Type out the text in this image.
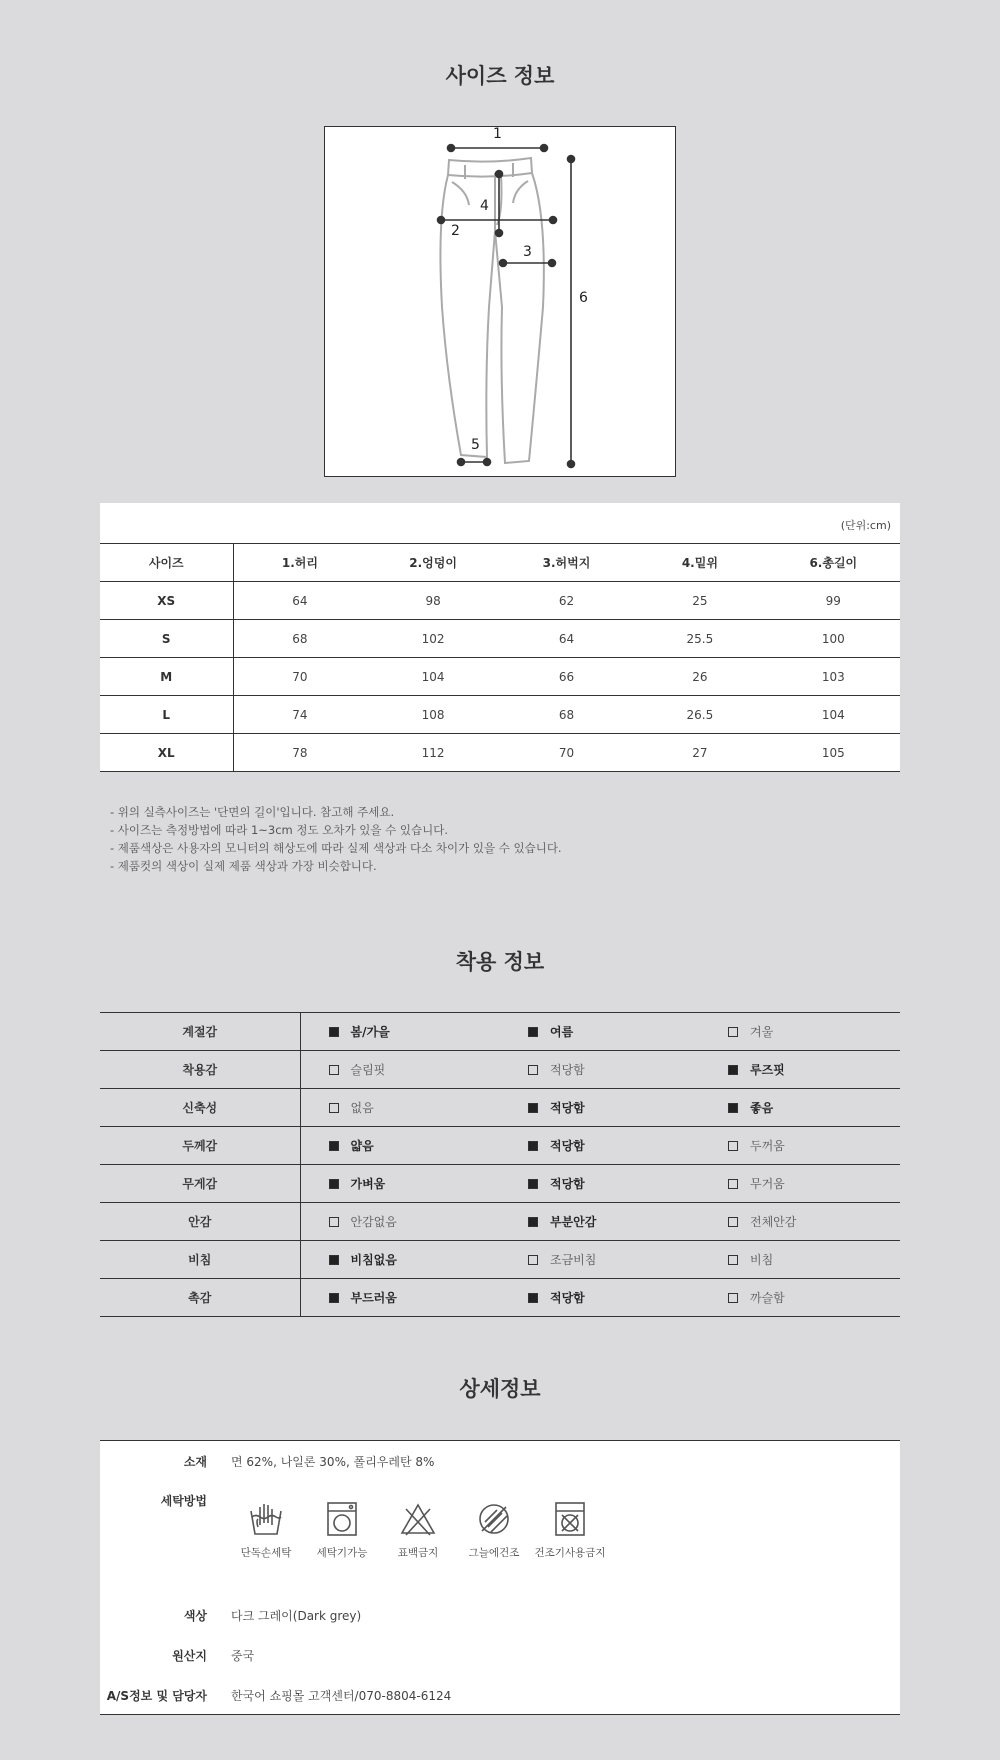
사이즈 정보
1
2
4
3
5
6
(단위:cm)
사이즈	1.허리	2.엉덩이	3.허벅지	4.밑위	6.총길이
XS	64	98	62	25	99
S	68	102	64	25.5	100
M	70	104	66	26	103
L	74	108	68	26.5	104
XL	78	112	70	27	105
- 위의 실측사이즈는 '단면의 길이'입니다. 참고해 주세요.
- 사이즈는 측정방법에 따라 1~3cm 정도 오차가 있을 수 있습니다.
- 제품색상은 사용자의 모니터의 해상도에 따라 실제 색상과 다소 차이가 있을 수 있습니다.
- 제품컷의 색상이 실제 제품 색상과 가장 비슷합니다.
착용 정보
계절감	봄/가을	여름	겨울

착용감	슬림핏	적당함	루즈핏

신축성	없음	적당함	좋음

두께감	얇음	적당함	두꺼움

무게감	가벼움	적당함	무거움

안감	안감없음	부분안감	전체안감

비침	비침없음	조금비침	비침

촉감	부드러움	적당함	까슬함
상세정보
소재 면 62%, 나일론 30%, 폴리우레탄 8%
세탁방법
단독손세탁	세탁기가능	표백금지	그늘에건조	건조기사용금지
색상 다크 그레이(Dark grey)
원산지 중국
A/S정보 및 담당자 한국어 쇼핑몰 고객센터/070-8804-6124
